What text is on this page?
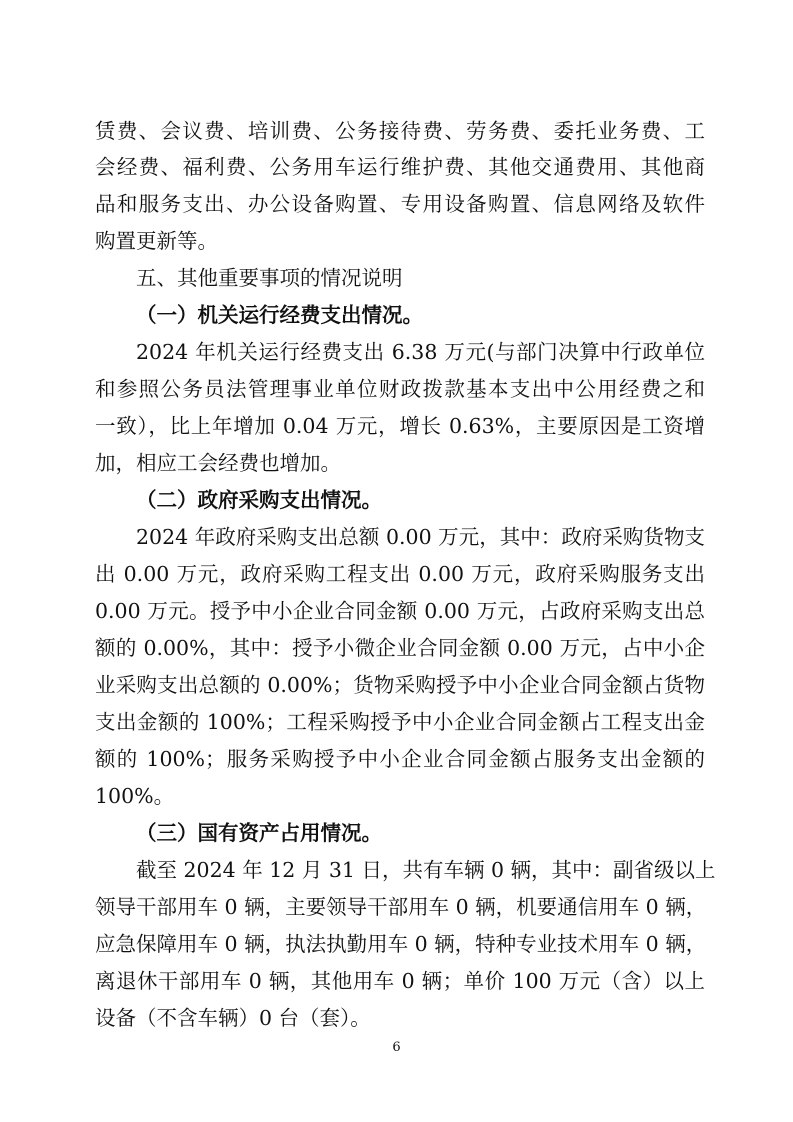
赁费、会议费、培训费、公务接待费、劳务费、委托业务费、工
会经费、福利费、公务用车运行维护费、其他交通费用、其他商
品和服务支出、办公设备购置、专用设备购置、信息网络及软件
购置更新等。
五、其他重要事项的情况说明
（一）机关运行经费支出情况。
2024 年机关运行经费支出 6.38 万元(与部门决算中行政单位
和参照公务员法管理事业单位财政拨款基本支出中公用经费之和
一致），比上年增加 0.04 万元，增长 0.63%，主要原因是工资增
加，相应工会经费也增加。
（二）政府采购支出情况。
2024 年政府采购支出总额 0.00 万元，其中：政府采购货物支
出 0.00 万元，政府采购工程支出 0.00 万元，政府采购服务支出
0.00 万元。授予中小企业合同金额 0.00 万元，占政府采购支出总
额的 0.00%，其中：授予小微企业合同金额 0.00 万元，占中小企
业采购支出总额的 0.00%；货物采购授予中小企业合同金额占货物
支出金额的 100%；工程采购授予中小企业合同金额占工程支出金
额的 100%；服务采购授予中小企业合同金额占服务支出金额的
100%。
（三）国有资产占用情况。
截至 2024 年 12 月 31 日，共有车辆 0 辆，其中：副省级以上
领导干部用车 0 辆，主要领导干部用车 0 辆，机要通信用车 0 辆，
应急保障用车 0 辆，执法执勤用车 0 辆，特种专业技术用车 0 辆，
离退休干部用车 0 辆，其他用车 0 辆；单价 100 万元（含）以上
设备（不含车辆）0 台（套）。
6
